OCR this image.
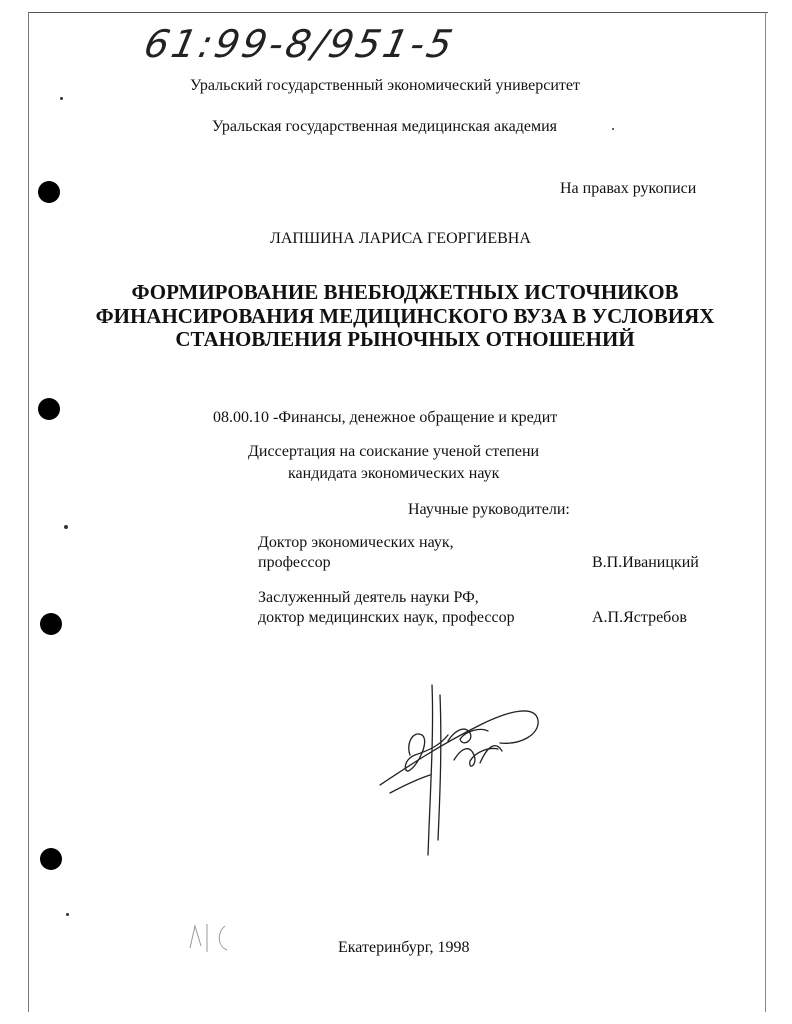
61:99-8/951-5
Уральский государственный экономический университет
Уральская государственная медицинская академия
На правах рукописи
ЛАПШИНА ЛАРИСА ГЕОРГИЕВНА
ФОРМИРОВАНИЕ ВНЕБЮДЖЕТНЫХ ИСТОЧНИКОВ
ФИНАНСИРОВАНИЯ МЕДИЦИНСКОГО ВУЗА В УСЛОВИЯХ
СТАНОВЛЕНИЯ РЫНОЧНЫХ ОТНОШЕНИЙ
08.00.10 -Финансы, денежное обращение и кредит
Диссертация на соискание ученой степени
кандидата экономических наук
Научные руководители:
Доктор экономических наук,
профессор	В.П.Иваницкий
Заслуженный деятель науки РФ,
доктор медицинских наук, профессор	А.П.Ястребов
Екатеринбург, 1998
